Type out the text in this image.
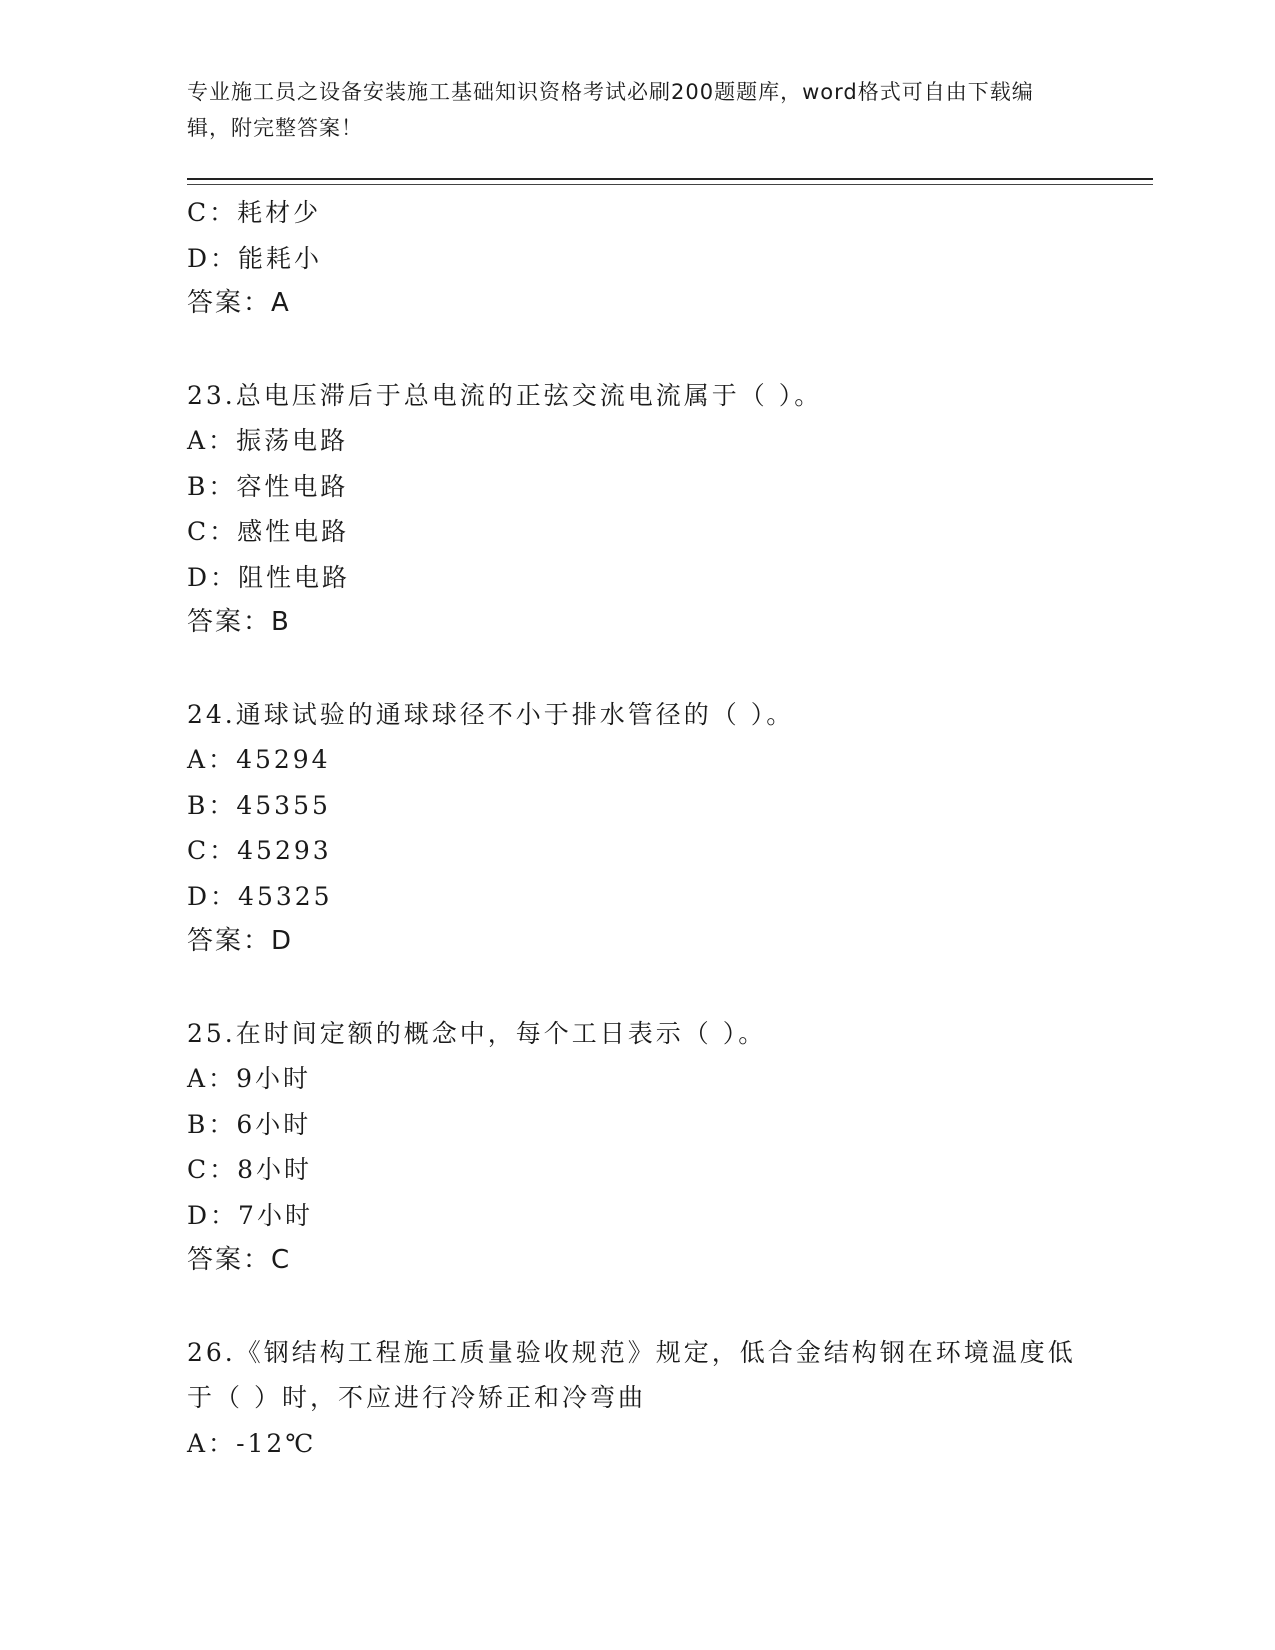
专业施工员之设备安装施工基础知识资格考试必刷200题题库，word格式可自由下载编辑，附完整答案！
C：耗材少
D：能耗小
答案：A
23.总电压滞后于总电流的正弦交流电流属于（ ）。
A：振荡电路
B：容性电路
C：感性电路
D：阻性电路
答案：B
24.通球试验的通球球径不小于排水管径的（ ）。
A：45294
B：45355
C：45293
D：45325
答案：D
25.在时间定额的概念中，每个工日表示（ ）。
A：9小时
B：6小时
C：8小时
D：7小时
答案：C
26.《钢结构工程施工质量验收规范》规定，低合金结构钢在环境温度低于（ ）时，不应进行冷矫正和冷弯曲
A：-12℃
